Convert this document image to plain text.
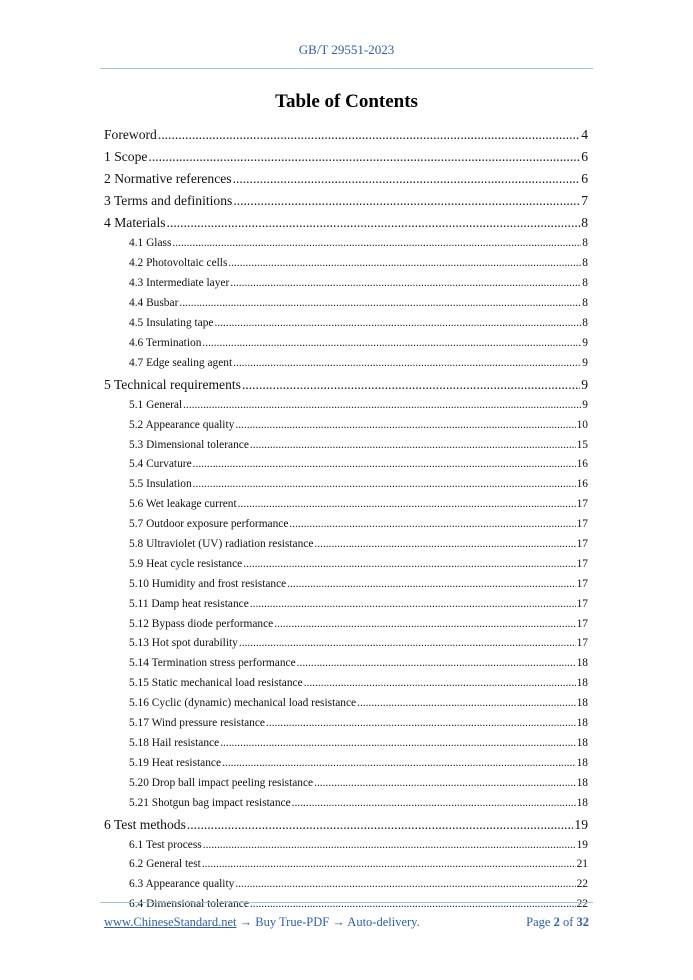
GB/T 29551-2023
Table of Contents
Foreword .....	4
1 Scope .....	6
2 Normative references .....	6
3 Terms and definitions .....	7
4 Materials .....	8
4.1 Glass .....	8
4.2 Photovoltaic cells .....	8
4.3 Intermediate layer .....	8
4.4 Busbar .....	8
4.5 Insulating tape .....	8
4.6 Termination .....	9
4.7 Edge sealing agent .....	9
5 Technical requirements .....	9
5.1 General .....	9
5.2 Appearance quality .....	10
5.3 Dimensional tolerance .....	15
5.4 Curvature .....	16
5.5 Insulation .....	16
5.6 Wet leakage current .....	17
5.7 Outdoor exposure performance .....	17
5.8 Ultraviolet (UV) radiation resistance .....	17
5.9 Heat cycle resistance .....	17
5.10 Humidity and frost resistance .....	17
5.11 Damp heat resistance .....	17
5.12 Bypass diode performance .....	17
5.13 Hot spot durability .....	17
5.14 Termination stress performance .....	18
5.15 Static mechanical load resistance .....	18
5.16 Cyclic (dynamic) mechanical load resistance .....	18
5.17 Wind pressure resistance .....	18
5.18 Hail resistance .....	18
5.19 Heat resistance .....	18
5.20 Drop ball impact peeling resistance .....	18
5.21 Shotgun bag impact resistance .....	18
6 Test methods .....	19
6.1 Test process .....	19
6.2 General test .....	21
6.3 Appearance quality .....	22
6.4 Dimensional tolerance .....	22
www.ChineseStandard.net → Buy True-PDF → Auto-delivery.	Page 2 of 32
